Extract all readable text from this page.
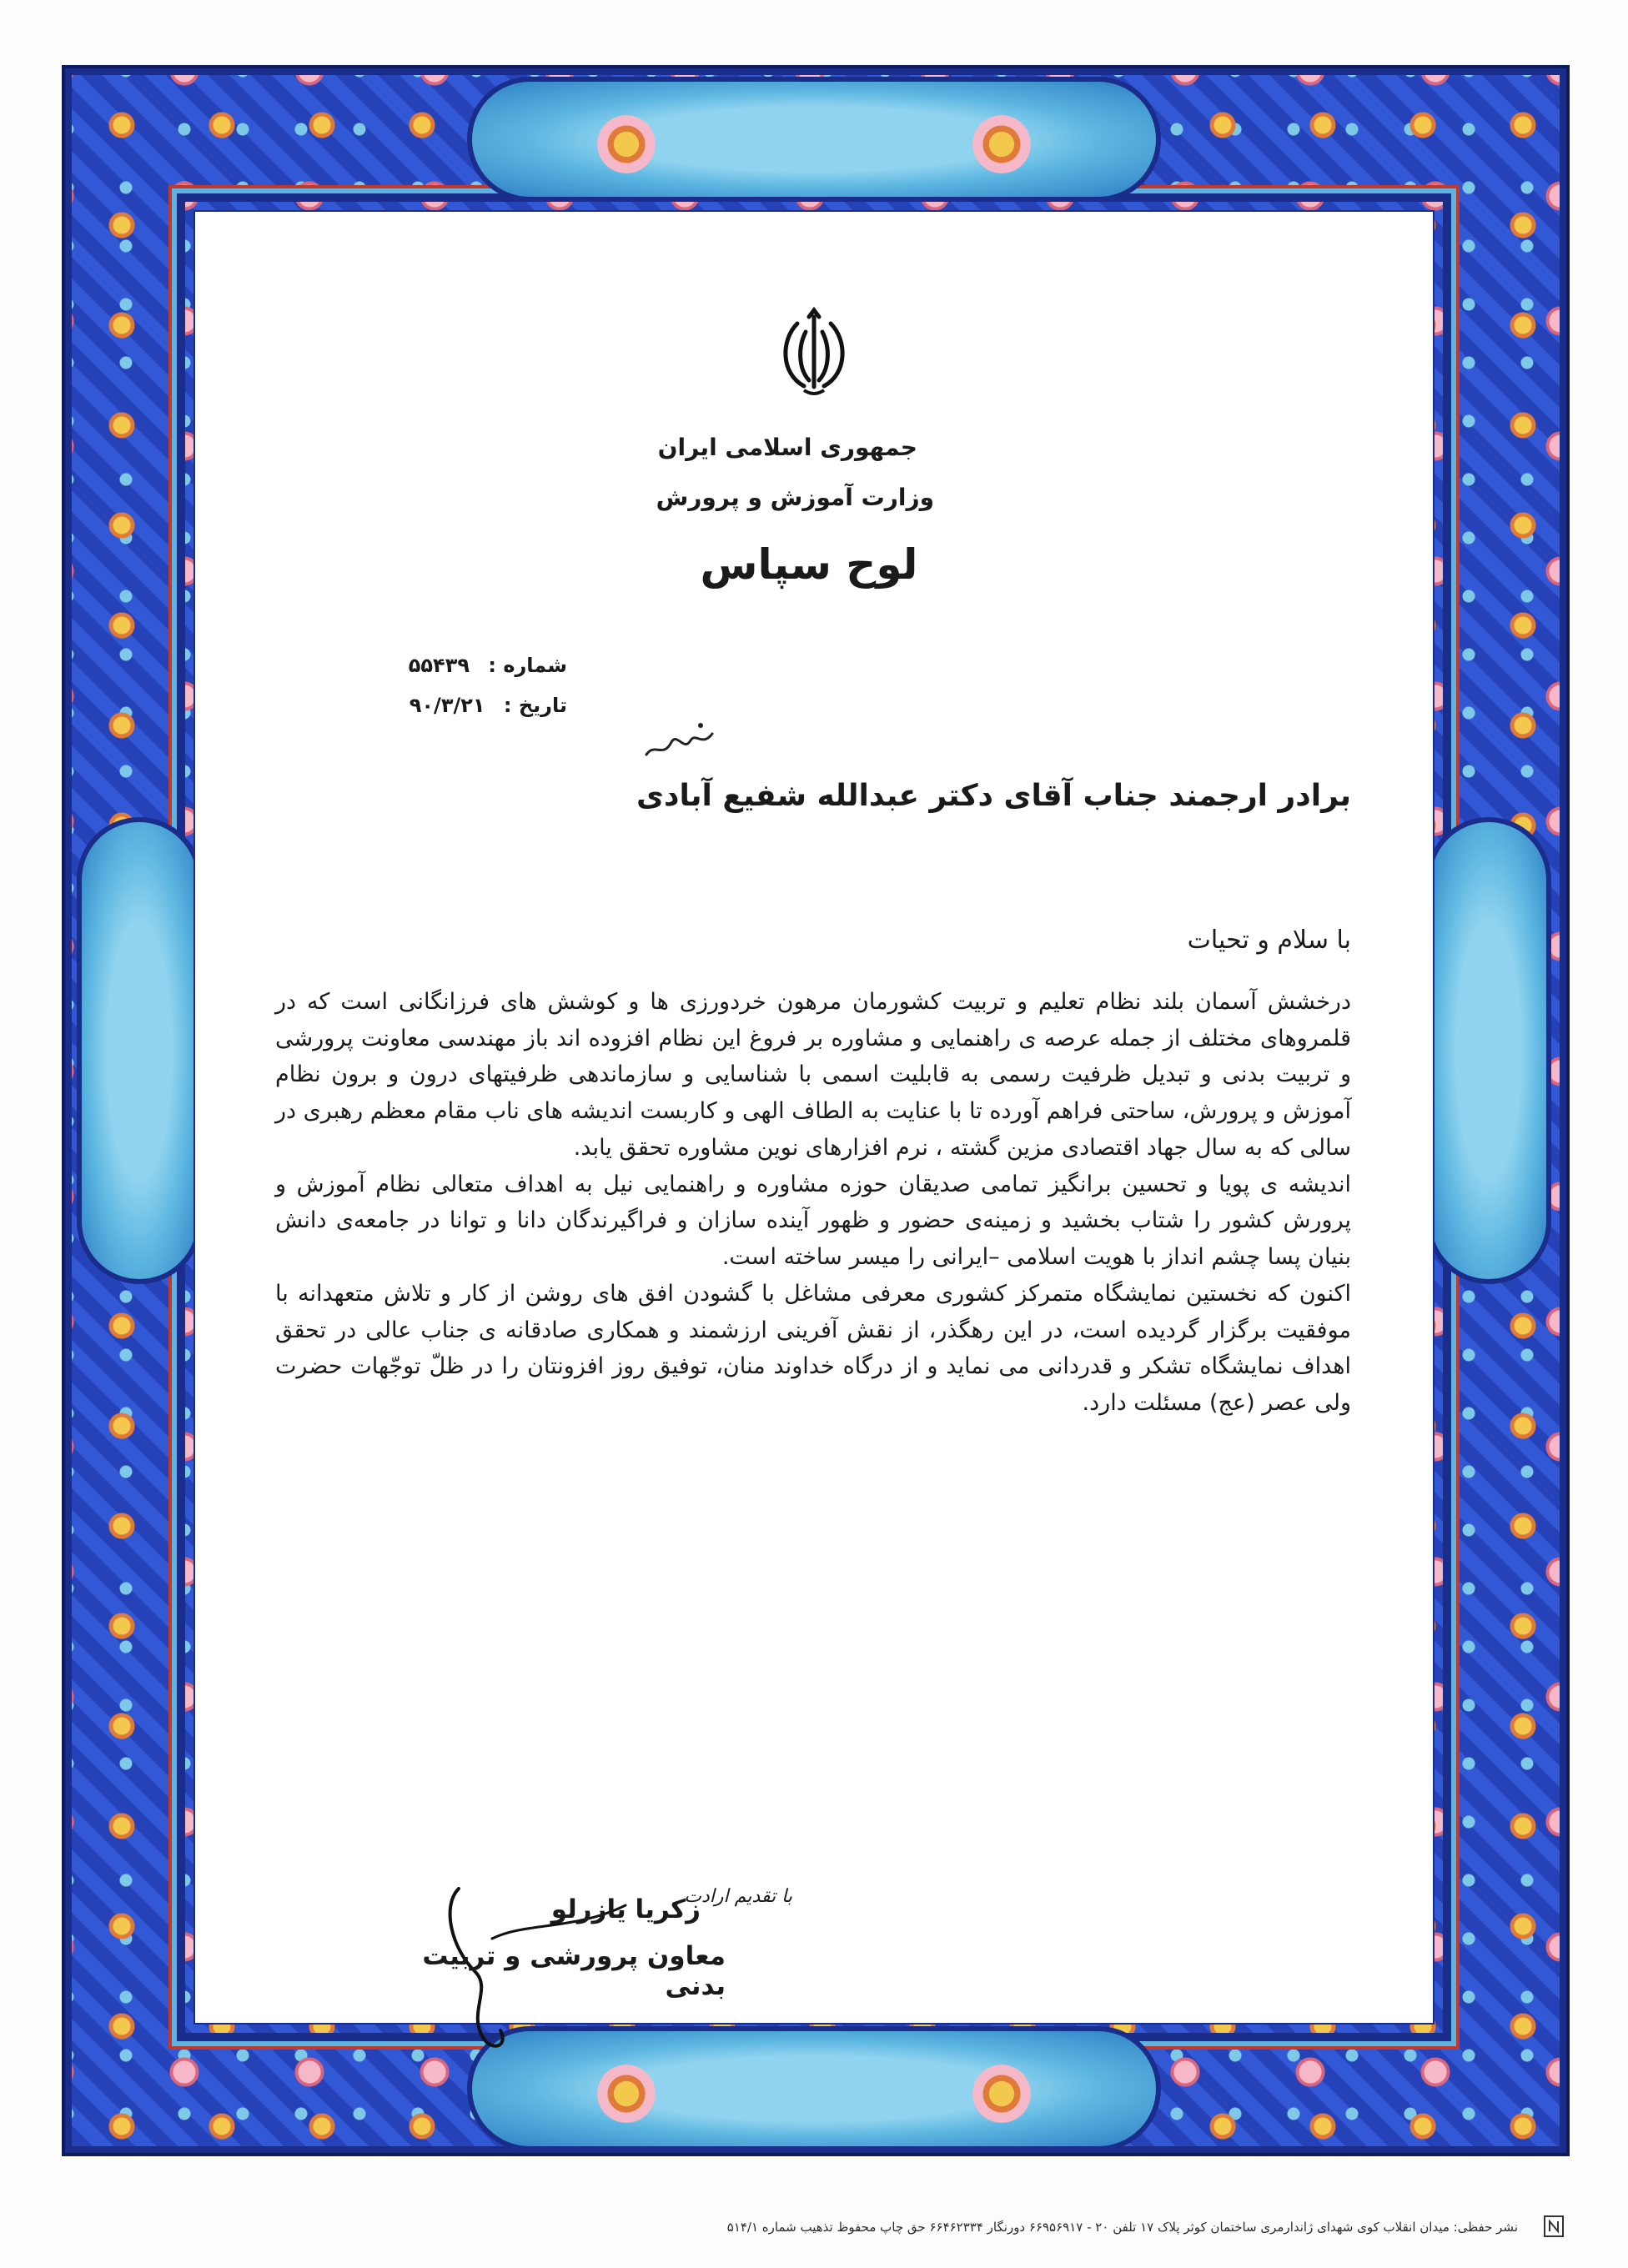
جمهوری اسلامی ایران
وزارت آموزش و پرورش
لوح سپاس
شماره : ۵۵۴۳۹
تاریخ : ۹۰/۳/۲۱
برادر ارجمند جناب آقای دکتر عبدالله شفیع آبادی
با سلام و تحیات

درخشش آسمان بلند نظام تعلیم و تربیت کشورمان مرهون خردورزی ها و کوشش های فرزانگانی است که در قلمروهای مختلف از جمله عرصه ی راهنمایی و مشاوره بر فروغ این نظام افزوده اند باز مهندسی معاونت پرورشی و تربیت بدنی و تبدیل ظرفیت رسمی به قابلیت اسمی با شناسایی و سازماندهی ظرفیتهای درون و برون نظام آموزش و پرورش، ساحتی فراهم آورده تا با عنایت به الطاف الهی و کاربست اندیشه های ناب مقام معظم رهبری در سالی که به سال جهاد اقتصادی مزین گشته ، نرم افزارهای نوین مشاوره تحقق یابد.

اندیشه ی پویا و تحسین برانگیز تمامی صدیقان حوزه مشاوره و راهنمایی نیل به اهداف متعالی نظام آموزش و پرورش کشور را شتاب بخشید و زمینه‌ی حضور و ظهور آینده سازان و فراگیرندگان دانا و توانا در جامعه‌ی دانش بنیان پسا چشم انداز با هویت اسلامی –ایرانی را میسر ساخته است.

اکنون که نخستین نمایشگاه متمرکز کشوری معرفی مشاغل با گشودن افق های روشن از کار و تلاش متعهدانه با موفقیت برگزار گردیده است، در این رهگذر، از نقش آفرینی ارزشمند و همکاری صادقانه ی جناب عالی در تحقق اهداف نمایشگاه تشکر و قدردانی می نماید و از درگاه خداوند منان، توفیق روز افزونتان را در ظلّ توجّهات حضرت ولی عصر (عج) مسئلت دارد.

با تقدیم ارادت
زکریا یازرلو
معاون پرورشی و تربیت بدنی
نشر حفظی: میدان انقلاب کوی شهدای ژاندارمری ساختمان کوثر پلاک ۱۷ تلفن ۲۰ - ۶۶۹۵۶۹۱۷ دورنگار ۶۶۴۶۲۳۳۴ حق چاپ محفوظ تذهیب شماره ۵۱۴/۱
